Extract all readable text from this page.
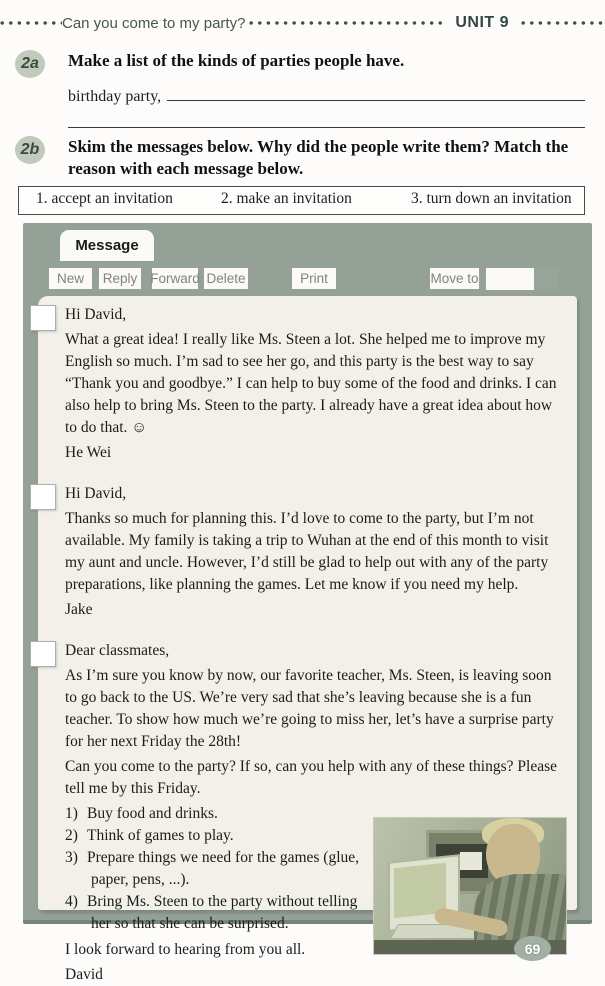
Can you come to my party?	UNIT 9
2a	Make a list of the kinds of parties people have.
birthday party,
2b	Skim the messages below. Why did the people write them? Match the reason with each message below.
1. accept an invitation	2. make an invitation	3. turn down an invitation
Message
New	Reply Forward Delete	Print	Move to
Hi David,

What a great idea! I really like Ms. Steen a lot. She helped me to improve my English so much. I’m sad to see her go, and this party is the best way to say “Thank you and goodbye.” I can help to buy some of the food and drinks. I can also help to bring Ms. Steen to the party. I already have a great idea about how to do that. ☺

He Wei
Hi David,

Thanks so much for planning this. I’d love to come to the party, but I’m not available. My family is taking a trip to Wuhan at the end of this month to visit my aunt and uncle. However, I’d still be glad to help out with any of the party preparations, like planning the games. Let me know if you need my help.

Jake
Dear classmates,

As I’m sure you know by now, our favorite teacher, Ms. Steen, is leaving soon to go back to the US. We’re very sad that she’s leaving because she is a fun teacher. To show how much we’re going to miss her, let’s have a surprise party for her next Friday the 28th!

Can you come to the party? If so, can you help with any of these things? Please tell me by this Friday.

1) Buy food and drinks.
2) Think of games to play.
3) Prepare things we need for the games (glue, paper, pens, ...).
4) Bring Ms. Steen to the party without telling her so that she can be surprised.

I look forward to hearing from you all.

David
69
